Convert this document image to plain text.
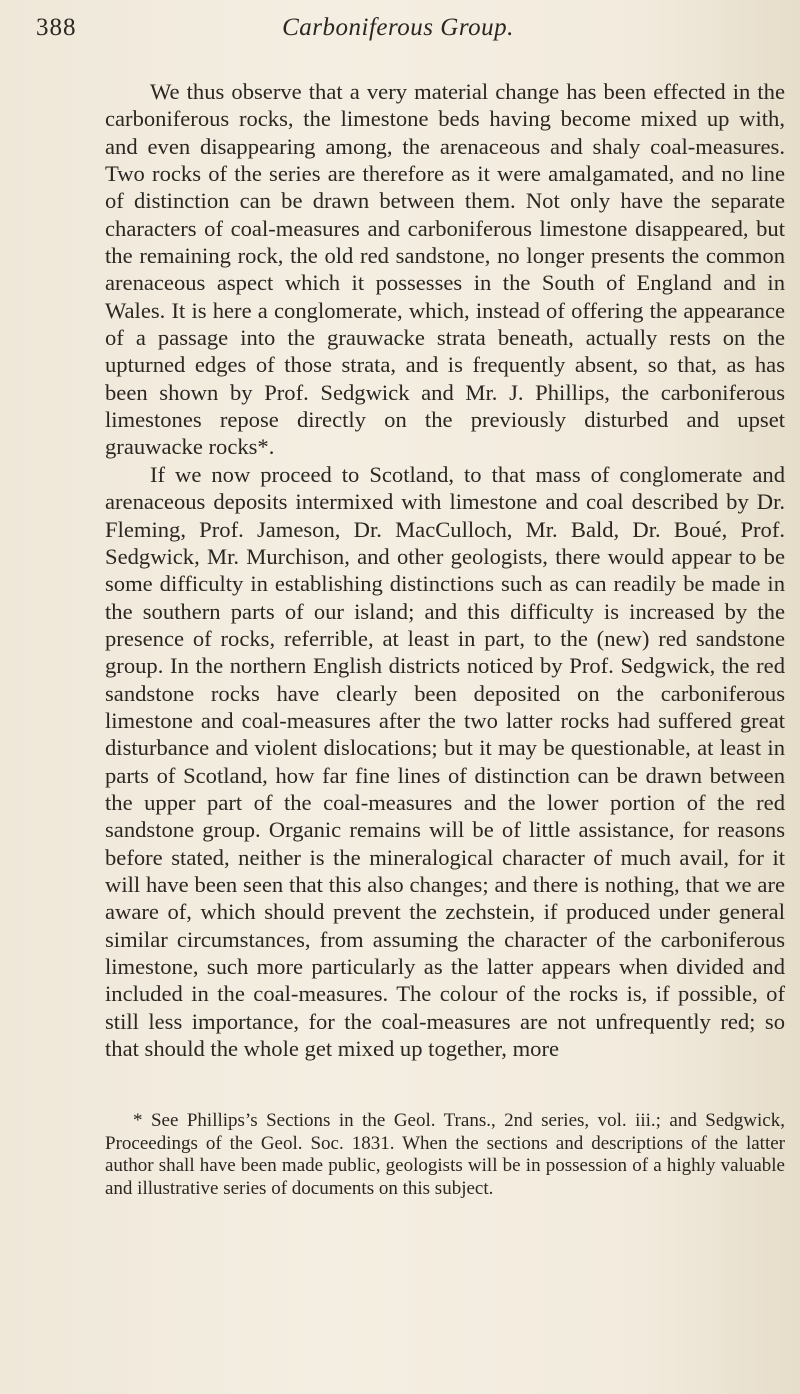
388	Carboniferous Group.

We thus observe that a very material change has been effected in the carboniferous rocks, the limestone beds having become mixed up with, and even disappearing among, the arenaceous and shaly coal-measures. Two rocks of the series are therefore as it were amalgamated, and no line of distinction can be drawn between them. Not only have the separate characters of coal-measures and carboniferous limestone disappeared, but the remaining rock, the old red sandstone, no longer presents the common arenaceous aspect which it possesses in the South of England and in Wales. It is here a conglomerate, which, instead of offering the appearance of a passage into the grauwacke strata beneath, actually rests on the upturned edges of those strata, and is frequently absent, so that, as has been shown by Prof. Sedgwick and Mr. J. Phillips, the carboniferous limestones repose directly on the previously disturbed and upset grauwacke rocks*.

If we now proceed to Scotland, to that mass of conglomerate and arenaceous deposits intermixed with limestone and coal described by Dr. Fleming, Prof. Jameson, Dr. MacCulloch, Mr. Bald, Dr. Boué, Prof. Sedgwick, Mr. Murchison, and other geologists, there would appear to be some difficulty in establishing distinctions such as can readily be made in the southern parts of our island; and this difficulty is increased by the presence of rocks, referrible, at least in part, to the (new) red sandstone group. In the northern English districts noticed by Prof. Sedgwick, the red sandstone rocks have clearly been deposited on the carboniferous limestone and coal-measures after the two latter rocks had suffered great disturbance and violent dislocations; but it may be questionable, at least in parts of Scotland, how far fine lines of distinction can be drawn between the upper part of the coal-measures and the lower portion of the red sandstone group. Organic remains will be of little assistance, for reasons before stated, neither is the mineralogical character of much avail, for it will have been seen that this also changes; and there is nothing, that we are aware of, which should prevent the zechstein, if produced under general similar circumstances, from assuming the character of the carboniferous limestone, such more particularly as the latter appears when divided and included in the coal-measures. The colour of the rocks is, if possible, of still less importance, for the coal-measures are not unfrequently red; so that should the whole get mixed up together, more

* See Phillips’s Sections in the Geol. Trans., 2nd series, vol. iii.; and Sedgwick, Proceedings of the Geol. Soc. 1831. When the sections and descriptions of the latter author shall have been made public, geologists will be in possession of a highly valuable and illustrative series of documents on this subject.
